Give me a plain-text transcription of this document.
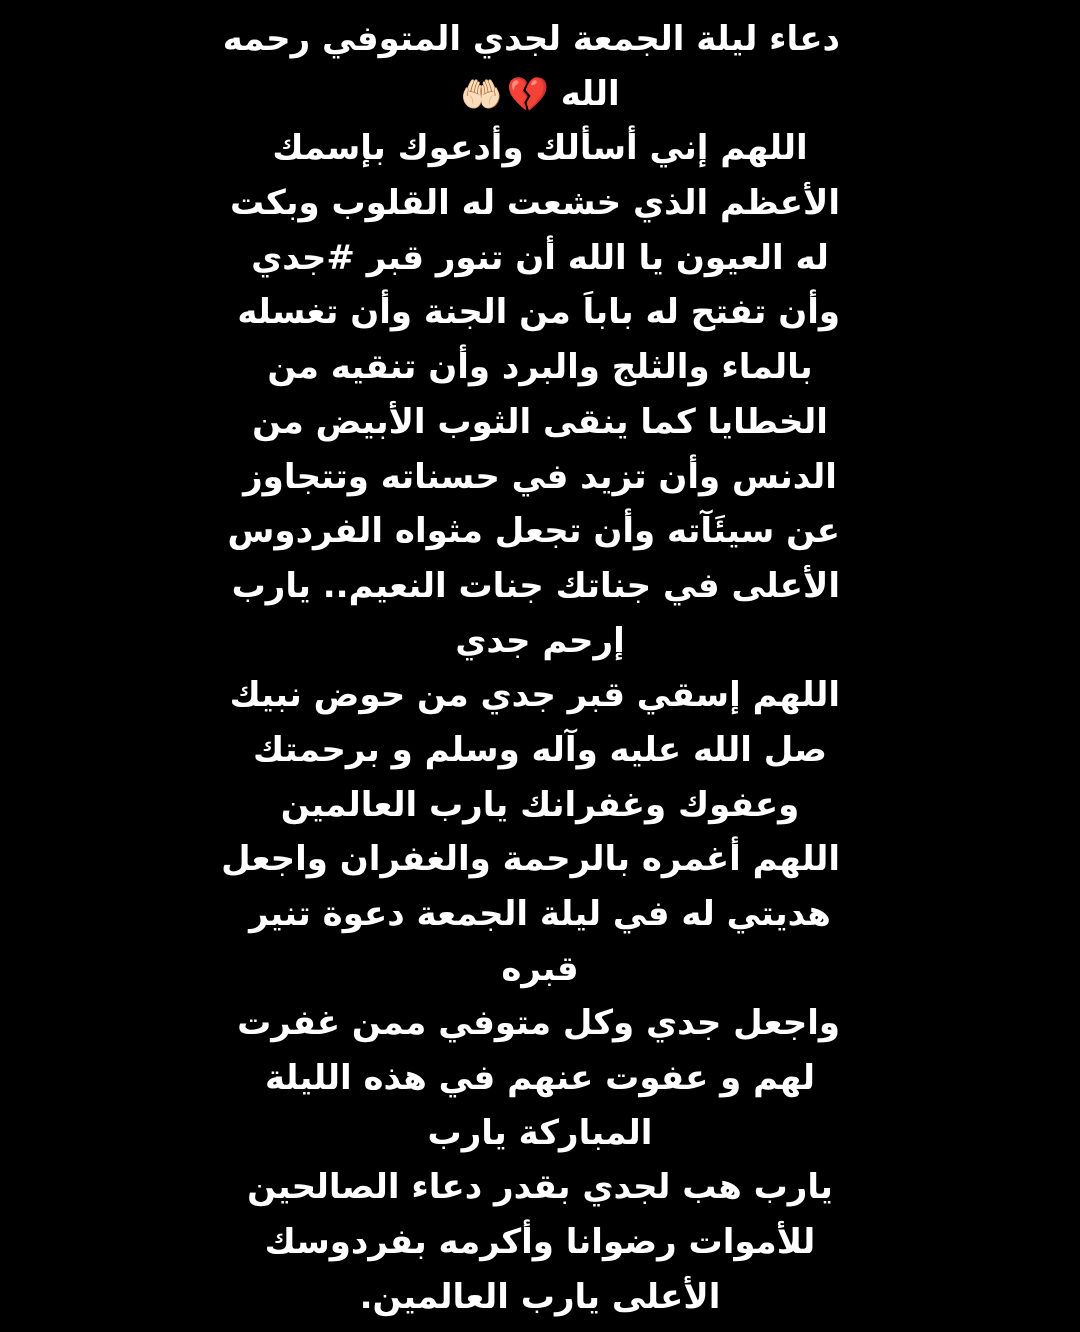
دعاء ليلة الجمعة لجدي المتوفي رحمه
الله
🤲🏻 💔
اللهم إني أسألك وأدعوك بإسمك
الأعظم الذي خشعت له القلوب وبكت
له العيون يا الله أن تنور قبر #جدي
وأن تفتح له باباَ من الجنة وأن تغسله
بالماء والثلج والبرد وأن تنقيه من
الخطايا كما ينقى الثوب الأبيض من
الدنس وأن تزيد في حسناته وتتجاوز
عن سيئَآته وأن تجعل مثواه الفردوس
الأعلى في جناتك جنات النعيم.. يارب
إرحم جدي
اللهم إسقي قبر جدي من حوض نبيك
صل الله عليه وآله وسلم و برحمتك
وعفوك وغفرانك يارب العالمين
اللهم أغمره بالرحمة والغفران واجعل
هديتي له في ليلة الجمعة دعوة تنير
قبره
واجعل جدي وكل متوفي ممن غفرت
لهم و عفوت عنهم في هذه الليلة
المباركة يارب
يارب هب لجدي بقدر دعاء الصالحين
للأموات رضوانا وأكرمه بفردوسك
الأعلى يارب العالمين.
